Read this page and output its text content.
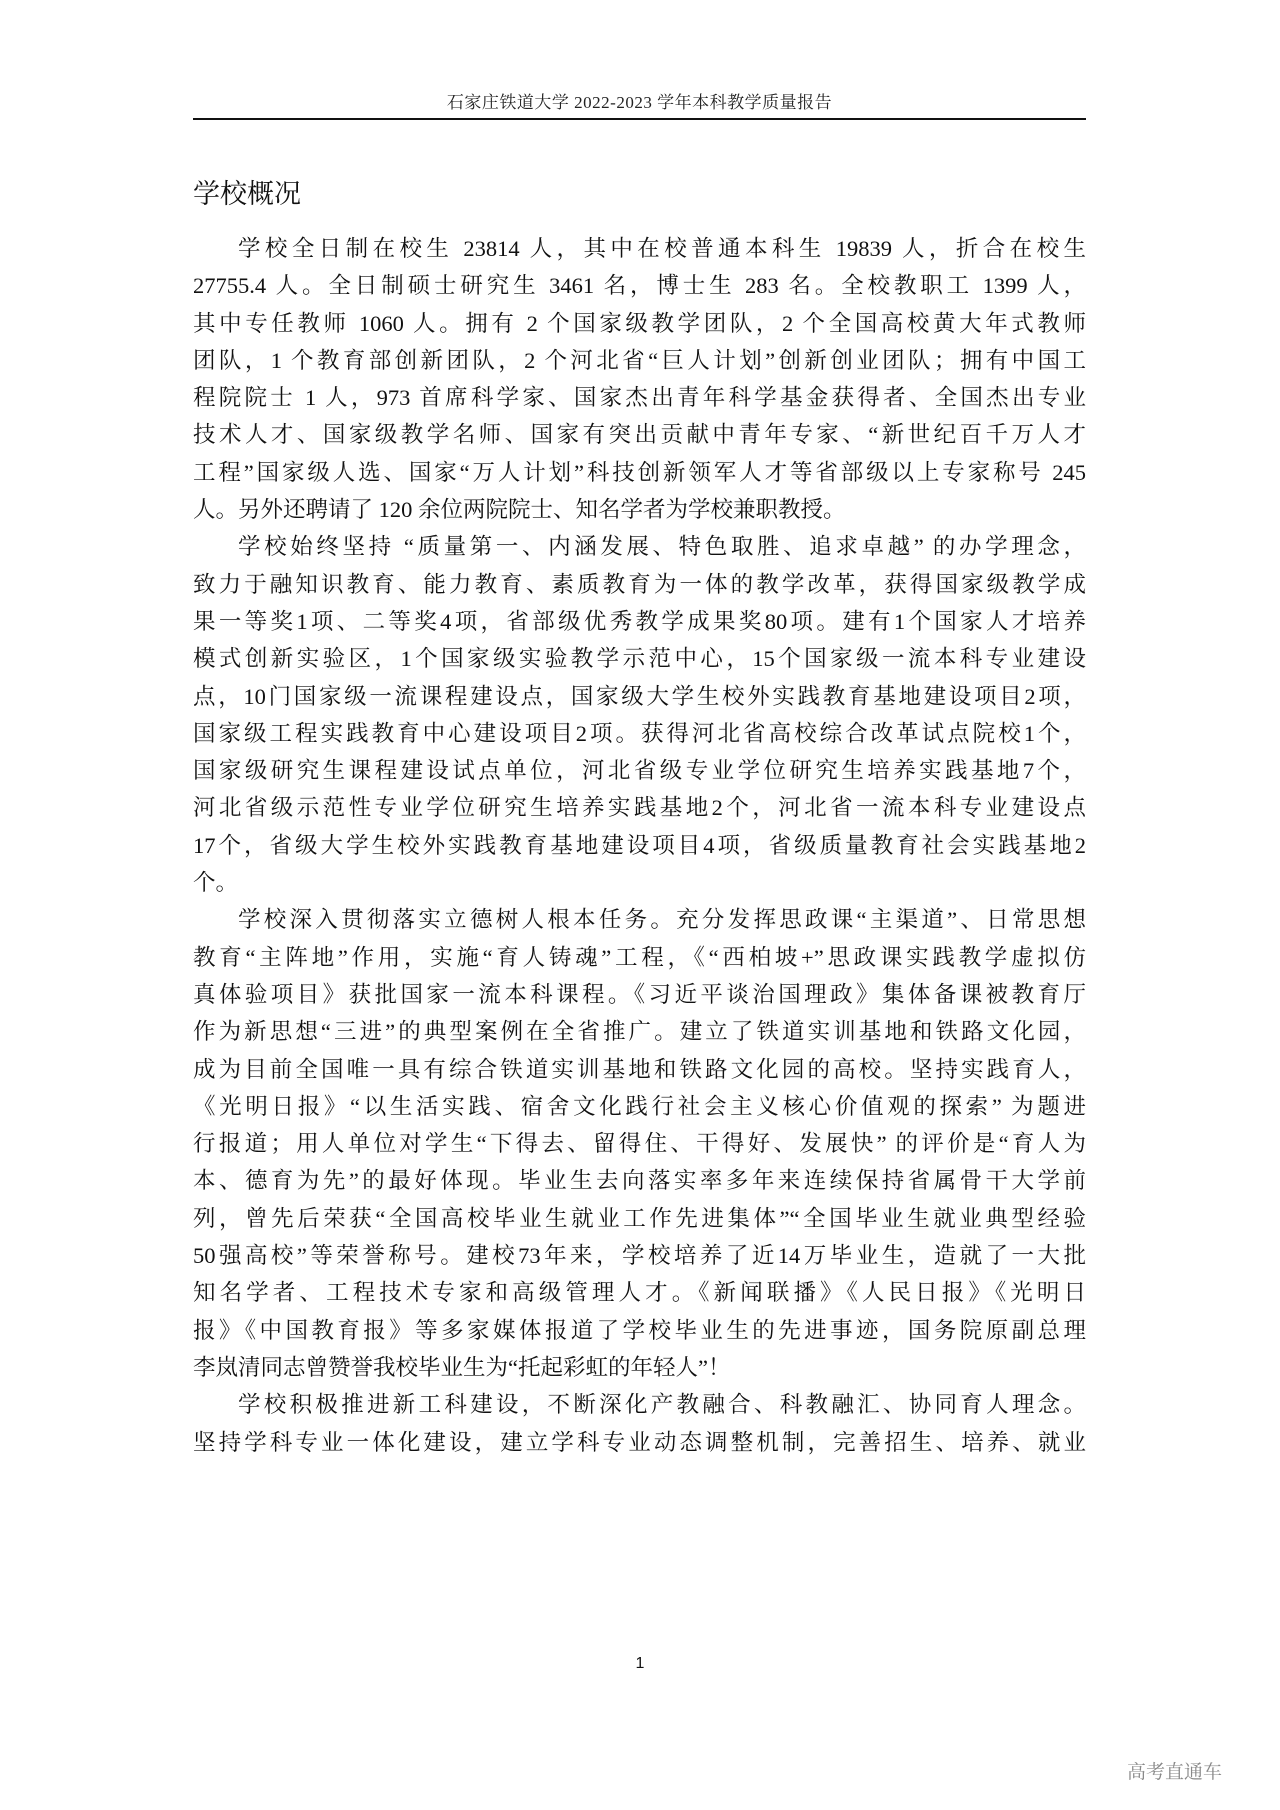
石家庄铁道大学 2022-2023 学年本科教学质量报告
学校概况
学校全日制在校生 23814 人，其中在校普通本科生 19839 人，折合在校生
27755.4 人。全日制硕士研究生 3461 名，博士生 283 名。全校教职工 1399 人，
其中专任教师 1060 人。拥有 2 个国家级教学团队，2 个全国高校黄大年式教师
团队，1 个教育部创新团队，2 个河北省“巨人计划”创新创业团队；拥有中国工
程院院士 1 人，973 首席科学家、国家杰出青年科学基金获得者、全国杰出专业
技术人才、国家级教学名师、国家有突出贡献中青年专家、“新世纪百千万人才
工程”国家级人选、国家“万人计划”科技创新领军人才等省部级以上专家称号 245
人。另外还聘请了 120 余位两院院士、知名学者为学校兼职教授。
学校始终坚持 “质量第一、内涵发展、特色取胜、追求卓越” 的办学理念，
致力于融知识教育、能力教育、素质教育为一体的教学改革，获得国家级教学成
果一等奖1项、二等奖4项，省部级优秀教学成果奖80项。建有1个国家人才培养
模式创新实验区，1个国家级实验教学示范中心，15个国家级一流本科专业建设
点，10门国家级一流课程建设点，国家级大学生校外实践教育基地建设项目2项，
国家级工程实践教育中心建设项目2项。获得河北省高校综合改革试点院校1个，
国家级研究生课程建设试点单位，河北省级专业学位研究生培养实践基地7个，
河北省级示范性专业学位研究生培养实践基地2个，河北省一流本科专业建设点
17个，省级大学生校外实践教育基地建设项目4项，省级质量教育社会实践基地2
个。
学校深入贯彻落实立德树人根本任务。充分发挥思政课“主渠道”、日常思想
教育“主阵地”作用，实施“育人铸魂”工程，《“西柏坡+”思政课实践教学虚拟仿
真体验项目》获批国家一流本科课程。《习近平谈治国理政》集体备课被教育厅
作为新思想“三进”的典型案例在全省推广。建立了铁道实训基地和铁路文化园，
成为目前全国唯一具有综合铁道实训基地和铁路文化园的高校。坚持实践育人，
《光明日报》“以生活实践、宿舍文化践行社会主义核心价值观的探索” 为题进
行报道；用人单位对学生“下得去、留得住、干得好、发展快” 的评价是“育人为
本、德育为先”的最好体现。毕业生去向落实率多年来连续保持省属骨干大学前
列，曾先后荣获“全国高校毕业生就业工作先进集体”“全国毕业生就业典型经验
50强高校”等荣誉称号。建校73年来，学校培养了近14万毕业生，造就了一大批
知名学者、工程技术专家和高级管理人才。《新闻联播》《人民日报》《光明日
报》《中国教育报》等多家媒体报道了学校毕业生的先进事迹，国务院原副总理
李岚清同志曾赞誉我校毕业生为“托起彩虹的年轻人”！
学校积极推进新工科建设，不断深化产教融合、科教融汇、协同育人理念。
坚持学科专业一体化建设，建立学科专业动态调整机制，完善招生、培养、就业
1
高考直通车
